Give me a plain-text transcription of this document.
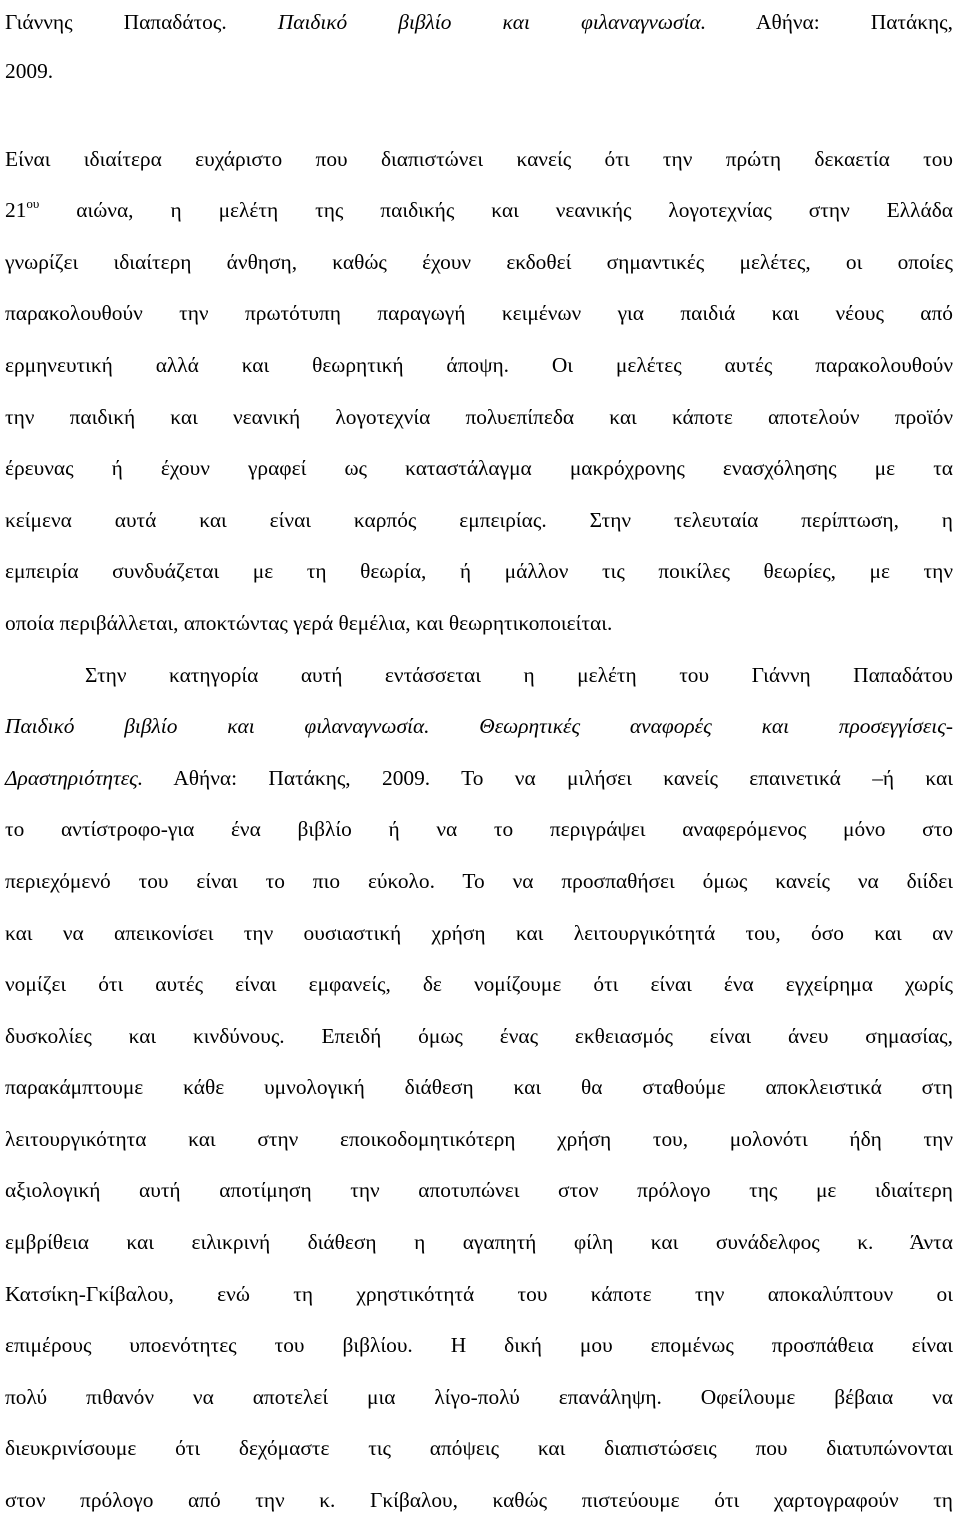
Γιάννης Παπαδάτος. Παιδικό βιβλίο και φιλαναγνωσία. Αθήνα: Πατάκης,
2009.
Είναι ιδιαίτερα ευχάριστο που διαπιστώνει κανείς ότι την πρώτη δεκαετία του
$21^{o\upsilon}$ αιώνα, η μελέτη της παιδικής και νεανικής λογοτεχνίας στην Ελλάδα
γνωρίζει ιδιαίτερη άνθηση, καθώς έχουν εκδοθεί σημαντικές μελέτες, οι οποίες
παρακολουθούν την πρωτότυπη παραγωγή κειμένων για παιδιά και νέους από
ερμηνευτική αλλά και θεωρητική άποψη. Οι μελέτες αυτές παρακολουθούν
την παιδική και νεανική λογοτεχνία πολυεπίπεδα και κάποτε αποτελούν προϊόν
έρευνας ή έχουν γραφεί ως καταστάλαγμα μακρόχρονης ενασχόλησης με τα
κείμενα αυτά και είναι καρπός εμπειρίας. Στην τελευταία περίπτωση, η
εμπειρία συνδυάζεται με τη θεωρία, ή μάλλον τις ποικίλες θεωρίες, με την
οποία περιβάλλεται, αποκτώντας γερά θεμέλια, και θεωρητικοποιείται.
Στην κατηγορία αυτή εντάσσεται η μελέτη του Γιάννη Παπαδάτου
Παιδικό βιβλίο και φιλαναγνωσία. Θεωρητικές αναφορές και προσεγγίσεις-
Δραστηριότητες. Αθήνα: Πατάκης, 2009. Το να μιλήσει κανείς επαινετικά –ή και
το αντίστροφο-για ένα βιβλίο ή να το περιγράψει αναφερόμενος μόνο στο
περιεχόμενό του είναι το πιο εύκολο. Το να προσπαθήσει όμως κανείς να διίδει
και να απεικονίσει την ουσιαστική χρήση και λειτουργικότητά του, όσο και αν
νομίζει ότι αυτές είναι εμφανείς, δε νομίζουμε ότι είναι ένα εγχείρημα χωρίς
δυσκολίες και κινδύνους. Επειδή όμως ένας εκθειασμός είναι άνευ σημασίας,
παρακάμπτουμε κάθε υμνολογική διάθεση και θα σταθούμε αποκλειστικά στη
λειτουργικότητα και στην εποικοδομητικότερη χρήση του, μολονότι ήδη την
αξιολογική αυτή αποτίμηση την αποτυπώνει στον πρόλογο της με ιδιαίτερη
εμβρίθεια και ειλικρινή διάθεση η αγαπητή φίλη και συνάδελφος κ. Άντα
Κατσίκη-Γκίβαλου, ενώ τη χρηστικότητά του κάποτε την αποκαλύπτουν οι
επιμέρους υποενότητες του βιβλίου. Η δική μου επομένως προσπάθεια είναι
πολύ πιθανόν να αποτελεί μια λίγο-πολύ επανάληψη. Οφείλουμε βέβαια να
διευκρινίσουμε ότι δεχόμαστε τις απόψεις και διαπιστώσεις που διατυπώνονται
στον πρόλογο από την κ. Γκίβαλου, καθώς πιστεύουμε ότι χαρτογραφούν τη
